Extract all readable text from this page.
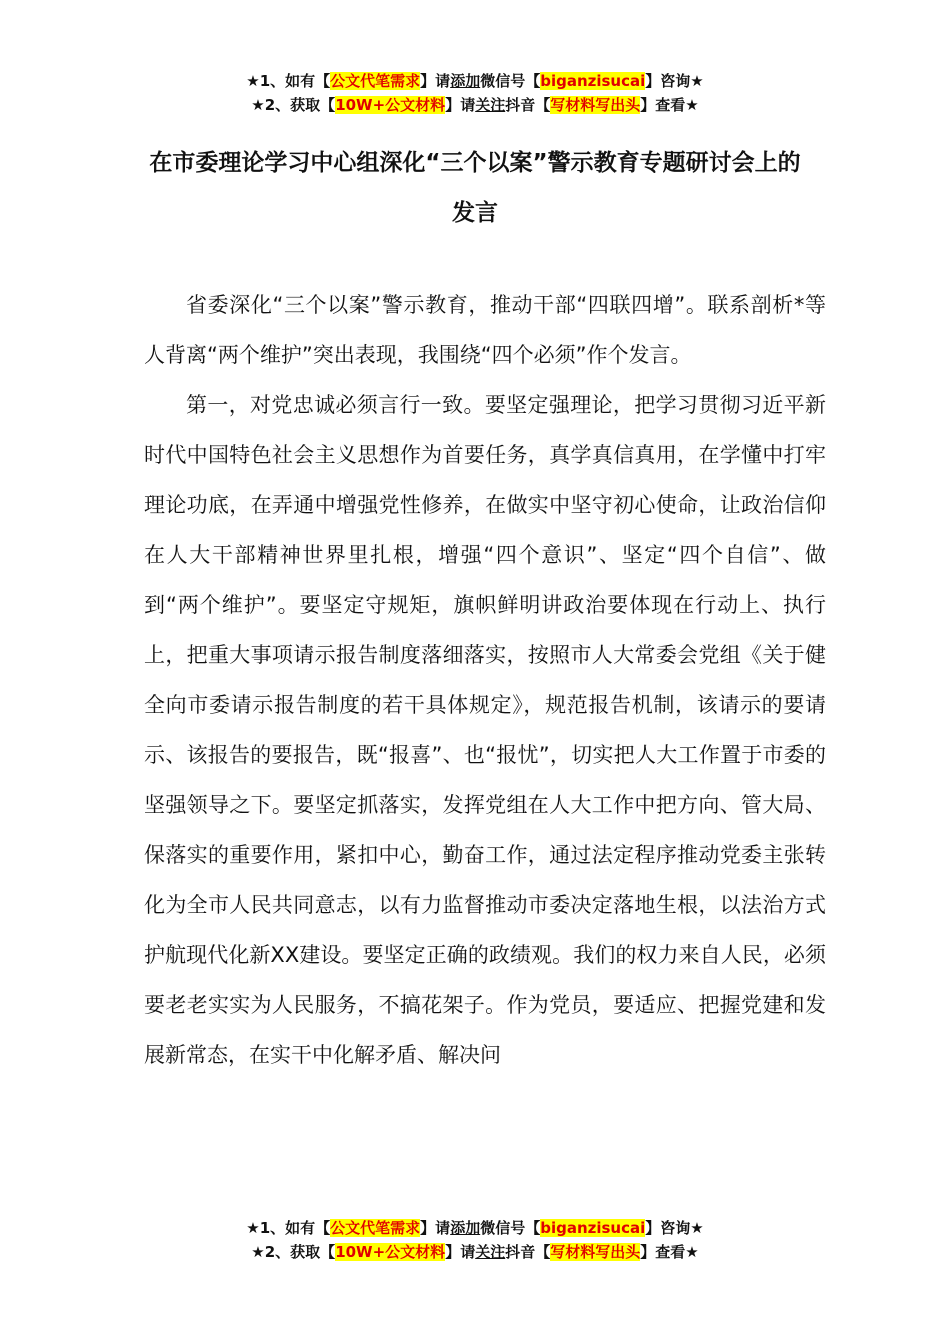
★1、如有【公文代笔需求】请添加微信号【biganzisucai】咨询★
★2、获取【10W+公文材料】请关注抖音【写材料写出头】查看★
在市委理论学习中心组深化“三个以案”警示教育专题研讨会上的发言

省委深化“三个以案”警示教育，推动干部“四联四增”。联系剖析*等人背离“两个维护”突出表现，我围绕“四个必须”作个发言。

第一，对党忠诚必须言行一致。要坚定强理论，把学习贯彻习近平新时代中国特色社会主义思想作为首要任务，真学真信真用，在学懂中打牢理论功底，在弄通中增强党性修养，在做实中坚守初心使命，让政治信仰在人大干部精神世界里扎根，增强“四个意识”、坚定“四个自信”、做到“两个维护”。要坚定守规矩，旗帜鲜明讲政治要体现在行动上、执行上，把重大事项请示报告制度落细落实，按照市人大常委会党组《关于健全向市委请示报告制度的若干具体规定》，规范报告机制，该请示的要请示、该报告的要报告，既“报喜”、也“报忧”，切实把人大工作置于市委的坚强领导之下。要坚定抓落实，发挥党组在人大工作中把方向、管大局、保落实的重要作用，紧扣中心，勤奋工作，通过法定程序推动党委主张转化为全市人民共同意志，以有力监督推动市委决定落地生根，以法治方式护航现代化新XX建设。要坚定正确的政绩观。我们的权力来自人民，必须要老老实实为人民服务，不搞花架子。作为党员，要适应、把握党建和发展新常态，在实干中化解矛盾、解决问

★1、如有【公文代笔需求】请添加微信号【biganzisucai】咨询★
★2、获取【10W+公文材料】请关注抖音【写材料写出头】查看★
